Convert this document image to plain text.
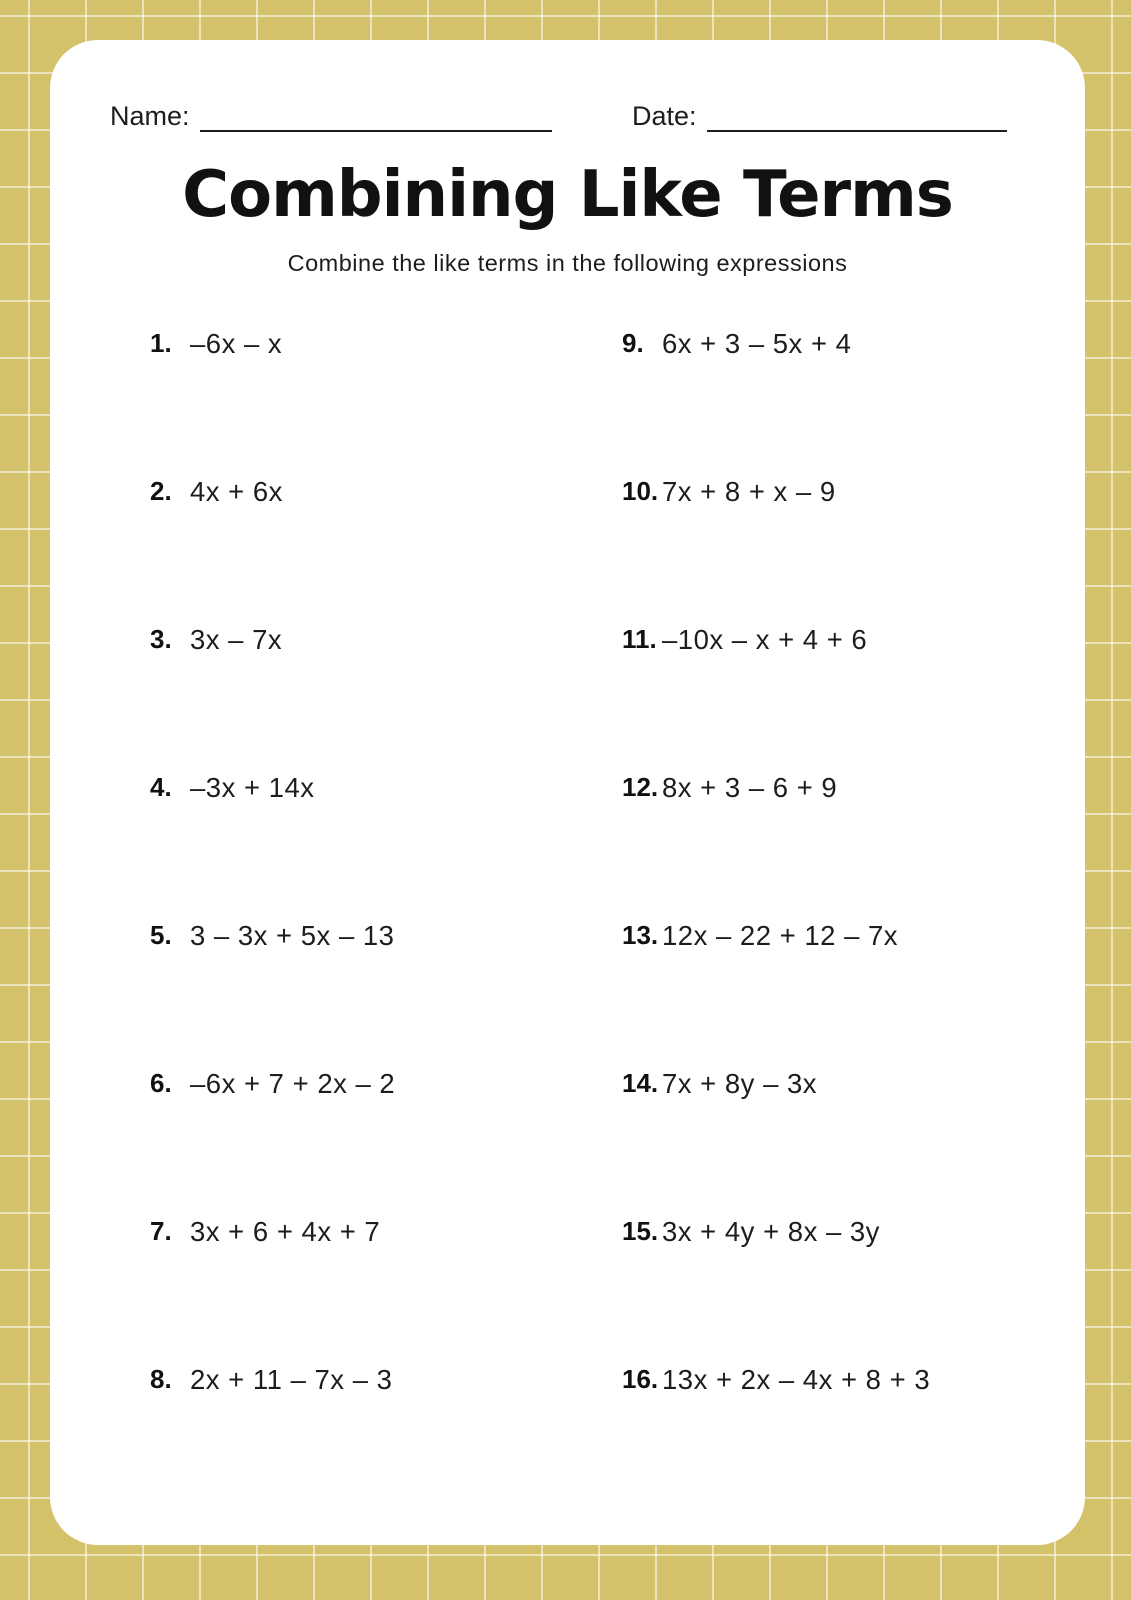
Name:	Date:
Combining Like Terms
Combine the like terms in the following expressions
1. –6x – x	9. 6x + 3 – 5x + 4
2. 4x + 6x	10. 7x + 8 + x – 9
3. 3x – 7x	11. –10x – x + 4 + 6
4. –3x + 14x	12. 8x + 3 – 6 + 9
5. 3 – 3x + 5x – 13	13. 12x – 22 + 12 – 7x
6. –6x + 7 + 2x – 2	14. 7x + 8y – 3x
7. 3x + 6 + 4x + 7	15. 3x + 4y + 8x – 3y
8. 2x + 11 – 7x – 3	16. 13x + 2x – 4x + 8 + 3
